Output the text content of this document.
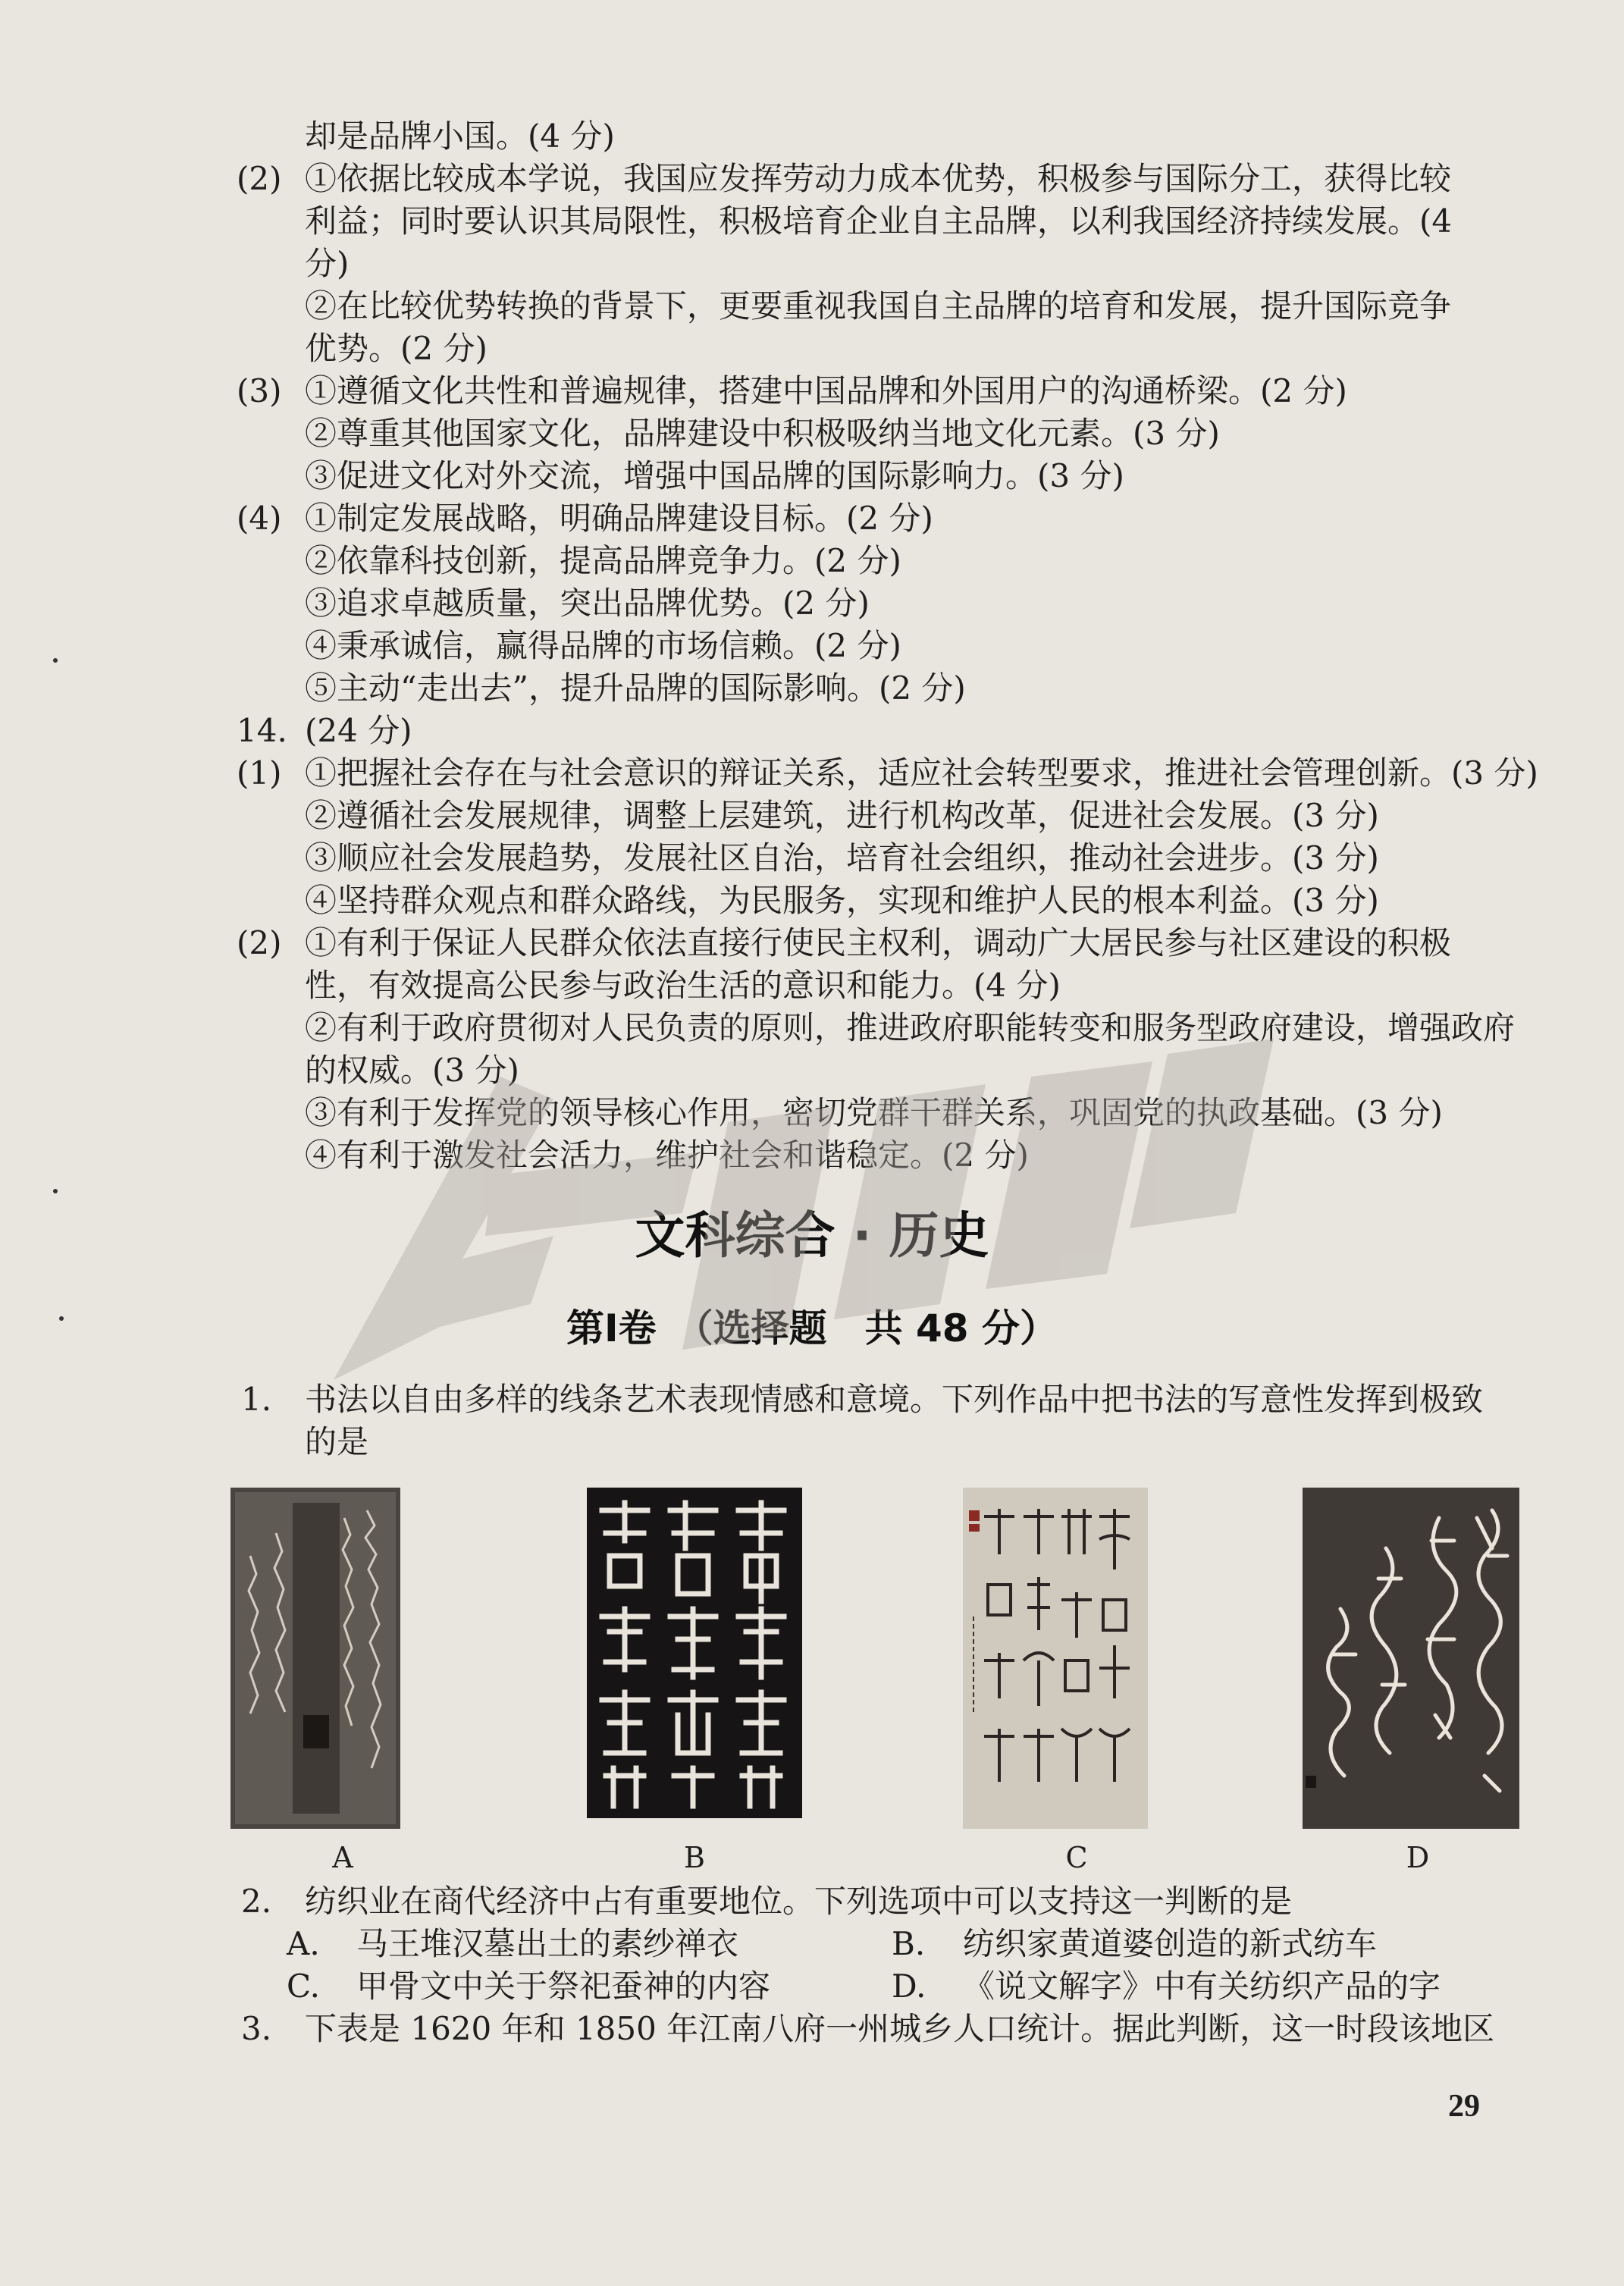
却是品牌小国。(4 分)
(2) ①依据比较成本学说，我国应发挥劳动力成本优势，积极参与国际分工，获得比较
利益；同时要认识其局限性，积极培育企业自主品牌，以利我国经济持续发展。(4
分)
②在比较优势转换的背景下，更要重视我国自主品牌的培育和发展，提升国际竞争
优势。(2 分)
(3) ①遵循文化共性和普遍规律，搭建中国品牌和外国用户的沟通桥梁。(2 分)
②尊重其他国家文化，品牌建设中积极吸纳当地文化元素。(3 分)
③促进文化对外交流，增强中国品牌的国际影响力。(3 分)
(4) ①制定发展战略，明确品牌建设目标。(2 分)
②依靠科技创新，提高品牌竞争力。(2 分)
③追求卓越质量，突出品牌优势。(2 分)
④秉承诚信，赢得品牌的市场信赖。(2 分)
⑤主动“走出去”，提升品牌的国际影响。(2 分)
14. (24 分)
(1) ①把握社会存在与社会意识的辩证关系，适应社会转型要求，推进社会管理创新。(3 分)
②遵循社会发展规律，调整上层建筑，进行机构改革，促进社会发展。(3 分)
③顺应社会发展趋势，发展社区自治，培育社会组织，推动社会进步。(3 分)
④坚持群众观点和群众路线，为民服务，实现和维护人民的根本利益。(3 分)
(2) ①有利于保证人民群众依法直接行使民主权利，调动广大居民参与社区建设的积极
性，有效提高公民参与政治生活的意识和能力。(4 分)
②有利于政府贯彻对人民负责的原则，推进政府职能转变和服务型政府建设，增强政府
的权威。(3 分)
③有利于发挥党的领导核心作用，密切党群干群关系，巩固党的执政基础。(3 分)
④有利于激发社会活力，维护社会和谐稳定。(2 分)
文科综合 · 历史
第Ⅰ卷　（选择题　共 48 分）
1. 书法以自由多样的线条艺术表现情感和意境。下列作品中把书法的写意性发挥到极致
的是
A	B	C	D
2. 纺织业在商代经济中占有重要地位。下列选项中可以支持这一判断的是
A. 马王堆汉墓出土的素纱禅衣	B. 纺织家黄道婆创造的新式纺车
C. 甲骨文中关于祭祀蚕神的内容	D. 《说文解字》中有关纺织产品的字
3. 下表是 1620 年和 1850 年江南八府一州城乡人口统计。据此判断，这一时段该地区
29
